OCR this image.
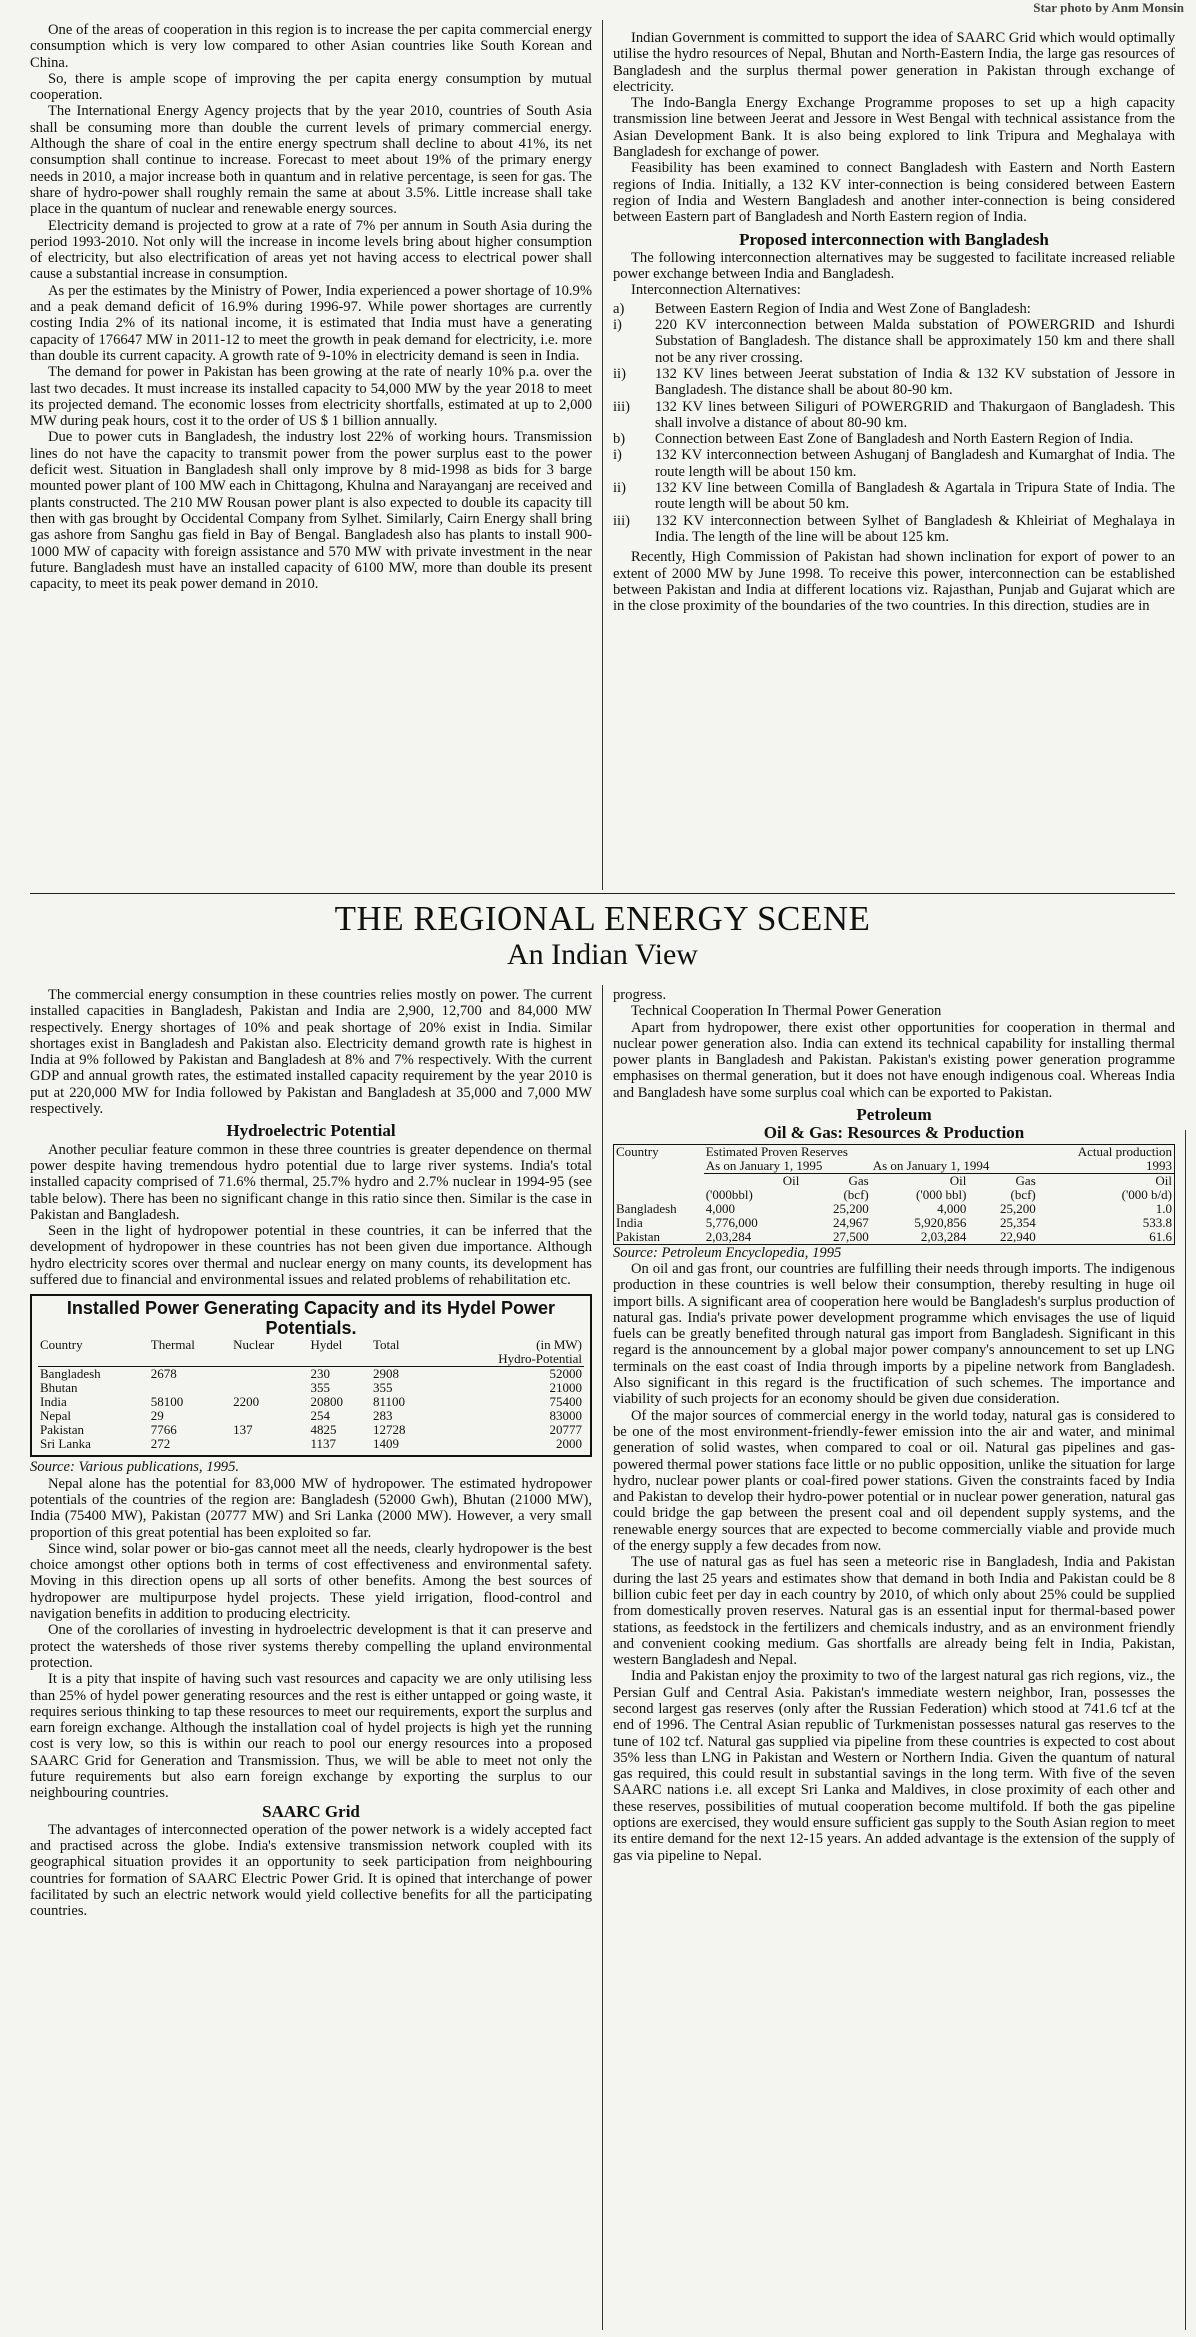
Star photo by Anm Monsin

One of the areas of cooperation in this region is to increase the per capita commercial energy consumption which is very low compared to other Asian countries like South Korean and China.

So, there is ample scope of improving the per capita energy consumption by mutual cooperation.

The International Energy Agency projects that by the year 2010, countries of South Asia shall be consuming more than double the current levels of primary commercial energy. Although the share of coal in the entire energy spectrum shall decline to about 41%, its net consumption shall continue to increase. Forecast to meet about 19% of the primary energy needs in 2010, a major increase both in quantum and in relative percentage, is seen for gas. The share of hydro-power shall roughly remain the same at about 3.5%. Little increase shall take place in the quantum of nuclear and renewable energy sources.

Electricity demand is projected to grow at a rate of 7% per annum in South Asia during the period 1993-2010. Not only will the increase in income levels bring about higher consumption of electricity, but also electrification of areas yet not having access to electrical power shall cause a substantial increase in consumption.

As per the estimates by the Ministry of Power, India experienced a power shortage of 10.9% and a peak demand deficit of 16.9% during 1996-97. While power shortages are currently costing India 2% of its national income, it is estimated that India must have a generating capacity of 176647 MW in 2011-12 to meet the growth in peak demand for electricity, i.e. more than double its current capacity. A growth rate of 9-10% in electricity demand is seen in India.

The demand for power in Pakistan has been growing at the rate of nearly 10% p.a. over the last two decades. It must increase its installed capacity to 54,000 MW by the year 2018 to meet its projected demand. The economic losses from electricity shortfalls, estimated at up to 2,000 MW during peak hours, cost it to the order of US $ 1 billion annually.

Due to power cuts in Bangladesh, the industry lost 22% of working hours. Transmission lines do not have the capacity to transmit power from the power surplus east to the power deficit west. Situation in Bangladesh shall only improve by 8 mid-1998 as bids for 3 barge mounted power plant of 100 MW each in Chittagong, Khulna and Narayanganj are received and plants constructed. The 210 MW Rousan power plant is also expected to double its capacity till then with gas brought by Occidental Company from Sylhet. Similarly, Cairn Energy shall bring gas ashore from Sanghu gas field in Bay of Bengal. Bangladesh also has plants to install 900-1000 MW of capacity with foreign assistance and 570 MW with private investment in the near future. Bangladesh must have an installed capacity of 6100 MW, more than double its present capacity, to meet its peak power demand in 2010.

Indian Government is committed to support the idea of SAARC Grid which would optimally utilise the hydro resources of Nepal, Bhutan and North-Eastern India, the large gas resources of Bangladesh and the surplus thermal power generation in Pakistan through exchange of electricity.

The Indo-Bangla Energy Exchange Programme proposes to set up a high capacity transmission line between Jeerat and Jessore in West Bengal with technical assistance from the Asian Development Bank. It is also being explored to link Tripura and Meghalaya with Bangladesh for exchange of power.

Feasibility has been examined to connect Bangladesh with Eastern and North Eastern regions of India. Initially, a 132 KV inter-connection is being considered between Eastern region of India and Western Bangladesh and another inter-connection is being considered between Eastern part of Bangladesh and North Eastern region of India.

Proposed interconnection with Bangladesh

The following interconnection alternatives may be suggested to facilitate increased reliable power exchange between India and Bangladesh.

Interconnection Alternatives:

a)	Between Eastern Region of India and West Zone of Bangladesh:
i)	220 KV interconnection between Malda substation of POWERGRID and Ishurdi Substation of Bangladesh. The distance shall be approximately 150 km and there shall not be any river crossing.
ii)	132 KV lines between Jeerat substation of India & 132 KV substation of Jessore in Bangladesh. The distance shall be about 80-90 km.
iii)	132 KV lines between Siliguri of POWERGRID and Thakurgaon of Bangladesh. This shall involve a distance of about 80-90 km.
b)	Connection between East Zone of Bangladesh and North Eastern Region of India.
i)	132 KV interconnection between Ashuganj of Bangladesh and Kumarghat of India. The route length will be about 150 km.
ii)	132 KV line between Comilla of Bangladesh & Agartala in Tripura State of India. The route length will be about 50 km.
iii)	132 KV interconnection between Sylhet of Bangladesh & Khleiriat of Meghalaya in India. The length of the line will be about 125 km.

Recently, High Commission of Pakistan had shown inclination for export of power to an extent of 2000 MW by June 1998. To receive this power, interconnection can be established between Pakistan and India at different locations viz. Rajasthan, Punjab and Gujarat which are in the close proximity of the boundaries of the two countries. In this direction, studies are in

THE REGIONAL ENERGY SCENE
An Indian View

The commercial energy consumption in these countries relies mostly on power. The current installed capacities in Bangladesh, Pakistan and India are 2,900, 12,700 and 84,000 MW respectively. Energy shortages of 10% and peak shortage of 20% exist in India. Similar shortages exist in Bangladesh and Pakistan also. Electricity demand growth rate is highest in India at 9% followed by Pakistan and Bangladesh at 8% and 7% respectively. With the current GDP and annual growth rates, the estimated installed capacity requirement by the year 2010 is put at 220,000 MW for India followed by Pakistan and Bangladesh at 35,000 and 7,000 MW respectively.

Hydroelectric Potential

Another peculiar feature common in these three countries is greater dependence on thermal power despite having tremendous hydro potential due to large river systems. India's total installed capacity comprised of 71.6% thermal, 25.7% hydro and 2.7% nuclear in 1994-95 (see table below). There has been no significant change in this ratio since then. Similar is the case in Pakistan and Bangladesh.

Seen in the light of hydropower potential in these countries, it can be inferred that the development of hydropower in these countries has not been given due importance. Although hydro electricity scores over thermal and nuclear energy on many counts, its development has suffered due to financial and environmental issues and related problems of rehabilitation etc.

Installed Power Generating Capacity and its Hydel Power Potentials.
Country	Thermal	Nuclear	Hydel	Total	(in MW)
Hydro-Potential
Bangladesh	2678		230	2908	52000
Bhutan			355	355	21000
India	58100	2200	20800	81100	75400
Nepal	29		254	283	83000
Pakistan	7766	137	4825	12728	20777
Sri Lanka	272		1137	1409	2000

Source: Various publications, 1995.

Nepal alone has the potential for 83,000 MW of hydropower. The estimated hydropower potentials of the countries of the region are: Bangladesh (52000 Gwh), Bhutan (21000 MW), India (75400 MW), Pakistan (20777 MW) and Sri Lanka (2000 MW). However, a very small proportion of this great potential has been exploited so far.

Since wind, solar power or bio-gas cannot meet all the needs, clearly hydropower is the best choice amongst other options both in terms of cost effectiveness and environmental safety. Moving in this direction opens up all sorts of other benefits. Among the best sources of hydropower are multipurpose hydel projects. These yield irrigation, flood-control and navigation benefits in addition to producing electricity.

One of the corollaries of investing in hydroelectric development is that it can preserve and protect the watersheds of those river systems thereby compelling the upland environmental protection.

It is a pity that inspite of having such vast resources and capacity we are only utilising less than 25% of hydel power generating resources and the rest is either untapped or going waste, it requires serious thinking to tap these resources to meet our requirements, export the surplus and earn foreign exchange. Although the installation coal of hydel projects is high yet the running cost is very low, so this is within our reach to pool our energy resources into a proposed SAARC Grid for Generation and Transmission. Thus, we will be able to meet not only the future requirements but also earn foreign exchange by exporting the surplus to our neighbouring countries.

SAARC Grid

The advantages of interconnected operation of the power network is a widely accepted fact and practised across the globe. India's extensive transmission network coupled with its geographical situation provides it an opportunity to seek participation from neighbouring countries for formation of SAARC Electric Power Grid. It is opined that interchange of power facilitated by such an electric network would yield collective benefits for all the participating countries.

progress.

Technical Cooperation In Thermal Power Generation

Apart from hydropower, there exist other opportunities for cooperation in thermal and nuclear power generation also. India can extend its technical capability for installing thermal power plants in Bangladesh and Pakistan. Pakistan's existing power generation programme emphasises on thermal generation, but it does not have enough indigenous coal. Whereas India and Bangladesh have some surplus coal which can be exported to Pakistan.

Petroleum
Oil & Gas: Resources & Production
Country	Estimated Proven Reserves				Actual production
	As on January 1, 1995		As on January 1, 1994		1993
	Oil	Gas	Oil	Gas	Oil
	('000bbl)	(bcf)	('000 bbl)	(bcf)	('000 b/d)
Bangladesh	4,000	25,200	4,000	25,200	1.0
India	5,776,000	24,967	5,920,856	25,354	533.8
Pakistan	2,03,284	27,500	2,03,284	22,940	61.6

Source: Petroleum Encyclopedia, 1995

On oil and gas front, our countries are fulfilling their needs through imports. The indigenous production in these countries is well below their consumption, thereby resulting in huge oil import bills. A significant area of cooperation here would be Bangladesh's surplus production of natural gas. India's private power development programme which envisages the use of liquid fuels can be greatly benefited through natural gas import from Bangladesh. Significant in this regard is the announcement by a global major power company's announcement to set up LNG terminals on the east coast of India through imports by a pipeline network from Bangladesh. Also significant in this regard is the fructification of such schemes. The importance and viability of such projects for an economy should be given due consideration.

Of the major sources of commercial energy in the world today, natural gas is considered to be one of the most environment-friendly-fewer emission into the air and water, and minimal generation of solid wastes, when compared to coal or oil. Natural gas pipelines and gas-powered thermal power stations face little or no public opposition, unlike the situation for large hydro, nuclear power plants or coal-fired power stations. Given the constraints faced by India and Pakistan to develop their hydro-power potential or in nuclear power generation, natural gas could bridge the gap between the present coal and oil dependent supply systems, and the renewable energy sources that are expected to become commercially viable and provide much of the energy supply a few decades from now.

The use of natural gas as fuel has seen a meteoric rise in Bangladesh, India and Pakistan during the last 25 years and estimates show that demand in both India and Pakistan could be 8 billion cubic feet per day in each country by 2010, of which only about 25% could be supplied from domestically proven reserves. Natural gas is an essential input for thermal-based power stations, as feedstock in the fertilizers and chemicals industry, and as an environment friendly and convenient cooking medium. Gas shortfalls are already being felt in India, Pakistan, western Bangladesh and Nepal.

India and Pakistan enjoy the proximity to two of the largest natural gas rich regions, viz., the Persian Gulf and Central Asia. Pakistan's immediate western neighbor, Iran, possesses the second largest gas reserves (only after the Russian Federation) which stood at 741.6 tcf at the end of 1996. The Central Asian republic of Turkmenistan possesses natural gas reserves to the tune of 102 tcf. Natural gas supplied via pipeline from these countries is expected to cost about 35% less than LNG in Pakistan and Western or Northern India. Given the quantum of natural gas required, this could result in substantial savings in the long term. With five of the seven SAARC nations i.e. all except Sri Lanka and Maldives, in close proximity of each other and these reserves, possibilities of mutual cooperation become multifold. If both the gas pipeline options are exercised, they would ensure sufficient gas supply to the South Asian region to meet its entire demand for the next 12-15 years. An added advantage is the extension of the supply of gas via pipeline to Nepal.
